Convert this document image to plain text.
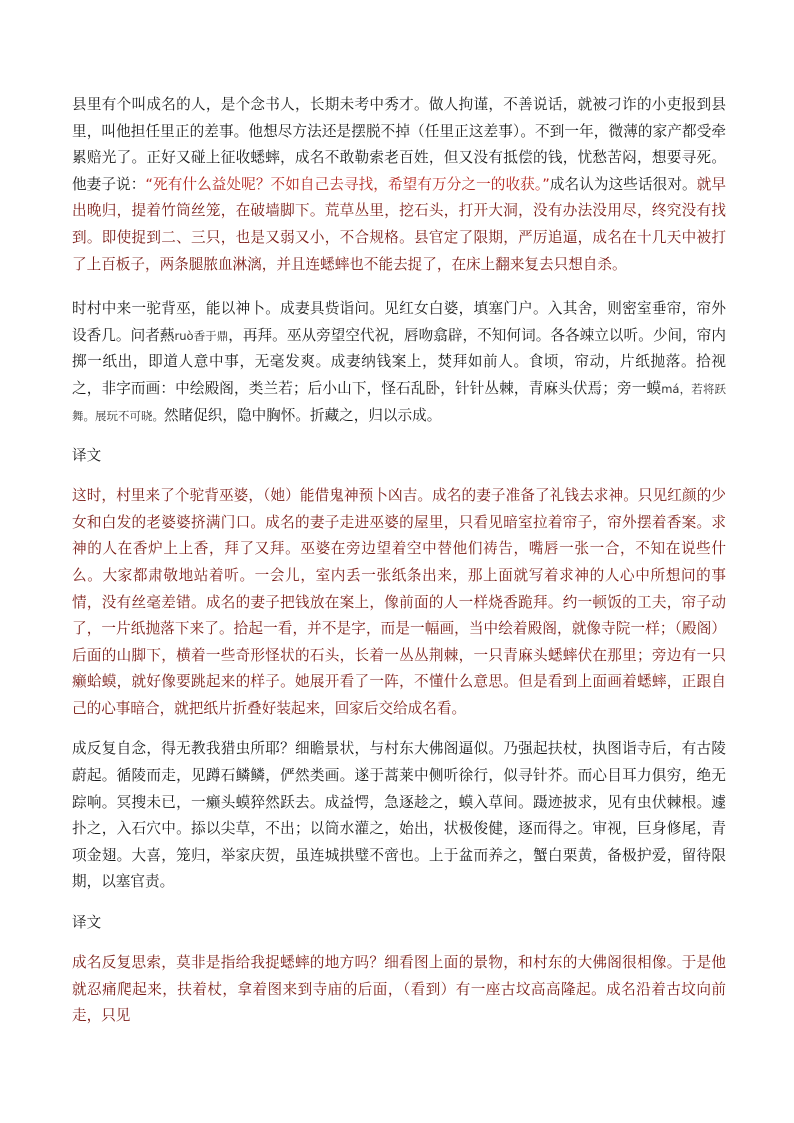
县里有个叫成名的人，是个念书人，长期未考中秀才。做人拘谨，不善说话，就被刁诈的小吏报到县里，叫他担任里正的差事。他想尽方法还是摆脱不掉（任里正这差事）。不到一年，微薄的家产都受牵累赔光了。正好又碰上征收蟋蟀，成名不敢勒索老百姓，但又没有抵偿的钱，忧愁苦闷，想要寻死。他妻子说：“死有什么益处呢？不如自己去寻找，希望有万分之一的收获。”成名认为这些话很对。就早出晚归，提着竹筒丝笼，在破墙脚下。荒草丛里，挖石头，打开大洞，没有办法没用尽，终究没有找到。即使捉到二、三只，也是又弱又小，不合规格。县官定了限期，严厉追逼，成名在十几天中被打了上百板子，两条腿脓血淋漓，并且连蟋蟀也不能去捉了，在床上翻来复去只想自杀。

时村中来一驼背巫，能以神卜。成妻具赀诣问。见红女白婆，填塞门户。入其舍，则密室垂帘，帘外设香几。问者爇ruò香于鼎，再拜。巫从旁望空代祝，唇吻翕辟，不知何词。各各竦立以听。少间，帘内掷一纸出，即道人意中事，无毫发爽。成妻纳钱案上，焚拜如前人。食顷，帘动，片纸抛落。拾视之，非字而画：中绘殿阁，类兰若；后小山下，怪石乱卧，针针丛棘，青麻头伏焉；旁一蟆má，若将跃舞。展玩不可晓。然睹促织，隐中胸怀。折藏之，归以示成。

译文

这时，村里来了个驼背巫婆，（她）能借鬼神预卜凶吉。成名的妻子准备了礼钱去求神。只见红颜的少女和白发的老婆婆挤满门口。成名的妻子走进巫婆的屋里，只看见暗室拉着帘子，帘外摆着香案。求神的人在香炉上上香，拜了又拜。巫婆在旁边望着空中替他们祷告，嘴唇一张一合，不知在说些什么。大家都肃敬地站着听。一会儿，室内丢一张纸条出来，那上面就写着求神的人心中所想问的事情，没有丝毫差错。成名的妻子把钱放在案上，像前面的人一样烧香跪拜。约一顿饭的工夫，帘子动了，一片纸抛落下来了。拾起一看，并不是字，而是一幅画，当中绘着殿阁，就像寺院一样；（殿阁）后面的山脚下，横着一些奇形怪状的石头，长着一丛丛荆棘，一只青麻头蟋蟀伏在那里；旁边有一只癞蛤蟆，就好像要跳起来的样子。她展开看了一阵，不懂什么意思。但是看到上面画着蟋蟀，正跟自己的心事暗合，就把纸片折叠好装起来，回家后交给成名看。

成反复自念，得无教我猎虫所耶？细瞻景状，与村东大佛阁逼似。乃强起扶杖，执图诣寺后，有古陵蔚起。循陵而走，见蹲石鳞鳞，俨然类画。遂于蒿莱中侧听徐行，似寻针芥。而心目耳力俱穷，绝无踪响。冥搜未已，一癞头蟆猝然跃去。成益愕，急逐趁之，蟆入草间。蹑迹披求，见有虫伏棘根。遽扑之，入石穴中。掭以尖草，不出；以筒水灌之，始出，状极俊健，逐而得之。审视，巨身修尾，青项金翅。大喜，笼归，举家庆贺，虽连城拱璧不啻也。上于盆而养之，蟹白栗黄，备极护爱，留待限期，以塞官责。

译文

成名反复思索，莫非是指给我捉蟋蟀的地方吗？细看图上面的景物，和村东的大佛阁很相像。于是他就忍痛爬起来，扶着杖，拿着图来到寺庙的后面，（看到）有一座古坟高高隆起。成名沿着古坟向前走，只见
